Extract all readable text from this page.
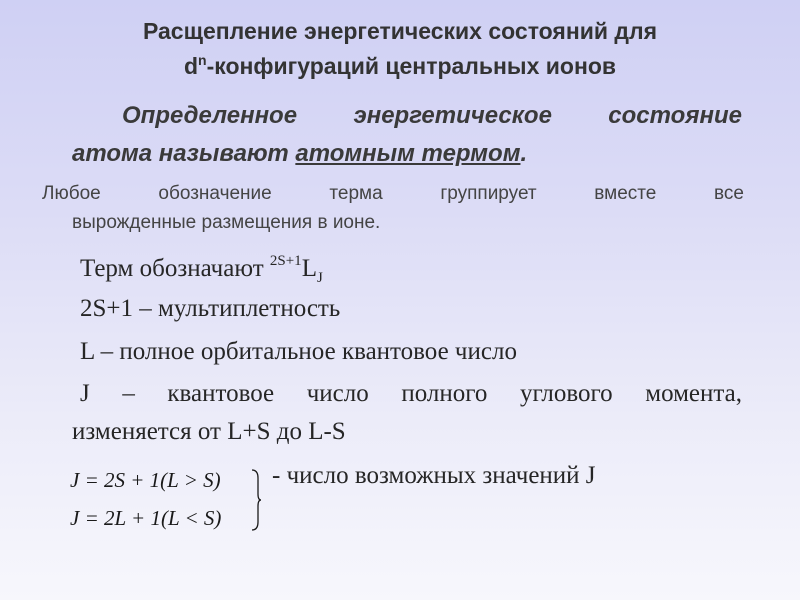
Расщепление энергетических состояний для
$d^n$-конфигураций центральных ионов
Определенное энергетическое состояние
атома называют атомным термом.
Любое	обозначение	терма	группирует	вместе	все
вырожденные размещения в ионе.
Терм обозначают $^{2S+1}L_J$
2S+1 – мультиплетность
L – полное орбитальное квантовое число
J – квантовое число полного углового момента,
изменяется от L+S до L-S
J = 2S + 1(L > S)
J = 2L + 1(L < S)
- число возможных значений J
